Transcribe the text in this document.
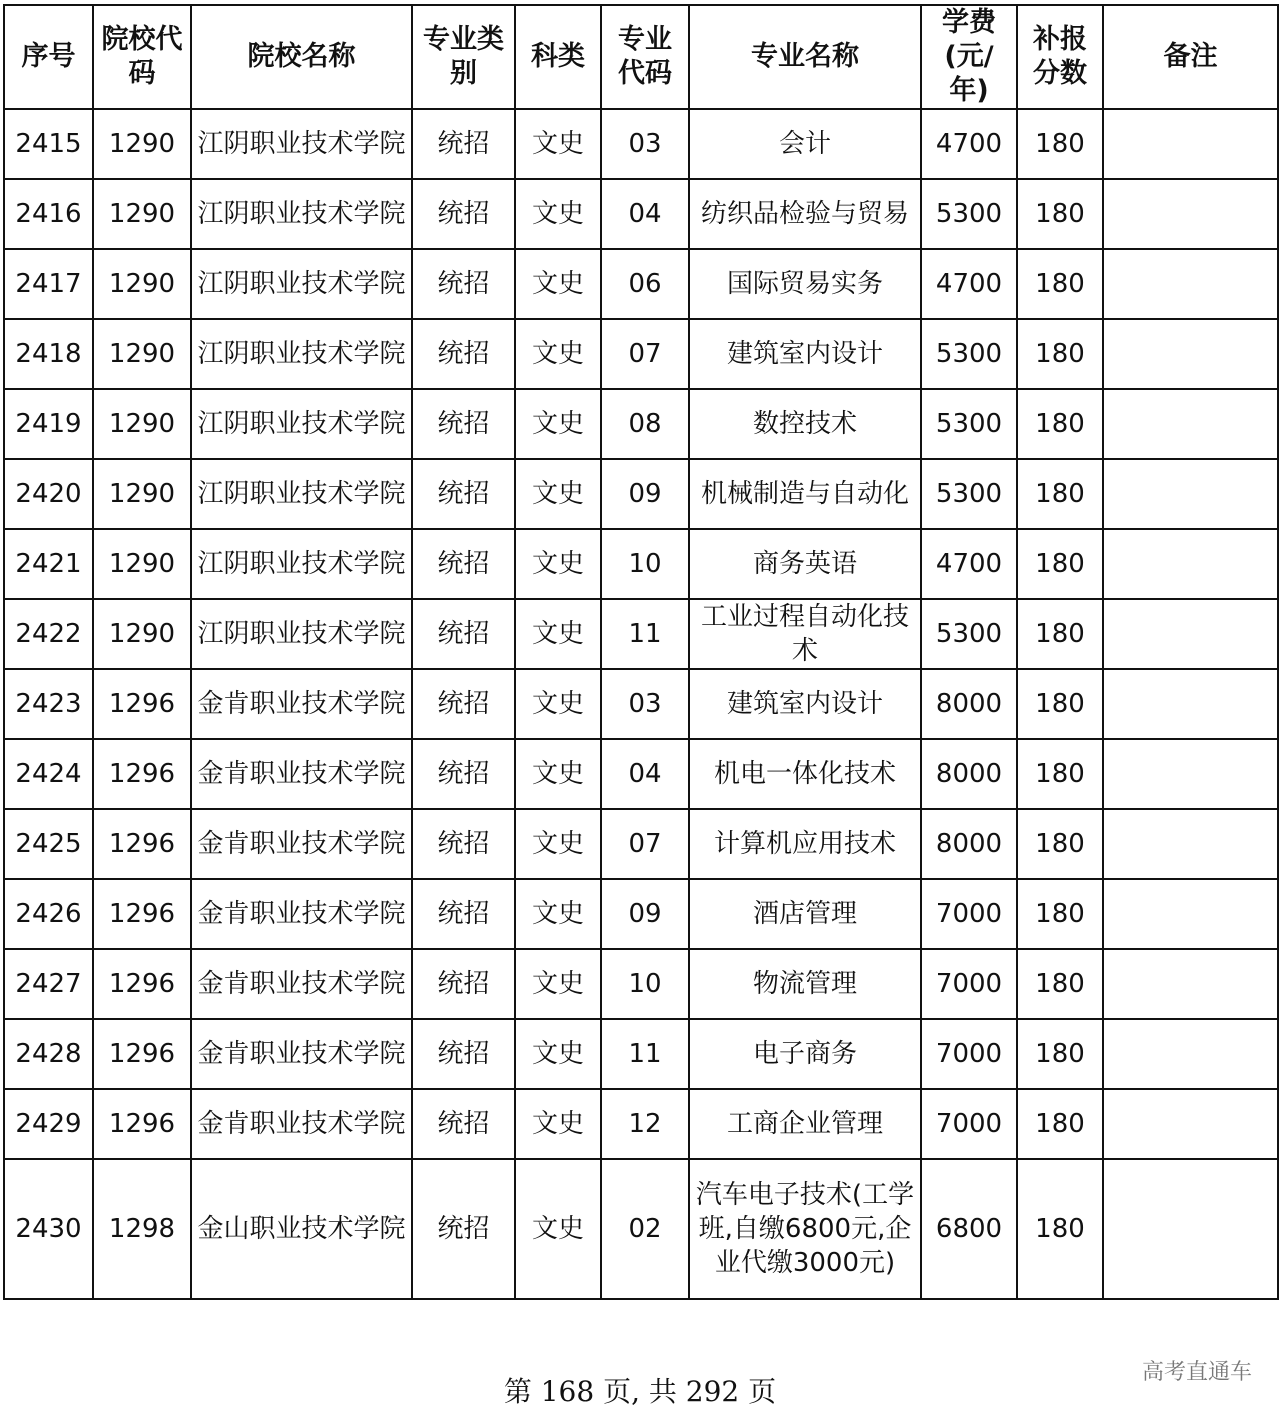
序号	院校代码	院校名称	专业类别	科类	专业代码	专业名称	学费(元/年)	补报分数	备注
2415	1290	江阴职业技术学院	统招	文史	03	会计	4700	180	
2416	1290	江阴职业技术学院	统招	文史	04	纺织品检验与贸易	5300	180	
2417	1290	江阴职业技术学院	统招	文史	06	国际贸易实务	4700	180	
2418	1290	江阴职业技术学院	统招	文史	07	建筑室内设计	5300	180	
2419	1290	江阴职业技术学院	统招	文史	08	数控技术	5300	180	
2420	1290	江阴职业技术学院	统招	文史	09	机械制造与自动化	5300	180	
2421	1290	江阴职业技术学院	统招	文史	10	商务英语	4700	180	
2422	1290	江阴职业技术学院	统招	文史	11	工业过程自动化技术	5300	180	
2423	1296	金肯职业技术学院	统招	文史	03	建筑室内设计	8000	180	
2424	1296	金肯职业技术学院	统招	文史	04	机电一体化技术	8000	180	
2425	1296	金肯职业技术学院	统招	文史	07	计算机应用技术	8000	180	
2426	1296	金肯职业技术学院	统招	文史	09	酒店管理	7000	180	
2427	1296	金肯职业技术学院	统招	文史	10	物流管理	7000	180	
2428	1296	金肯职业技术学院	统招	文史	11	电子商务	7000	180	
2429	1296	金肯职业技术学院	统招	文史	12	工商企业管理	7000	180	
2430	1298	金山职业技术学院	统招	文史	02	汽车电子技术(工学班,自缴6800元,企业代缴3000元)	6800	180	
第 168 页, 共 292 页
高考直通车
